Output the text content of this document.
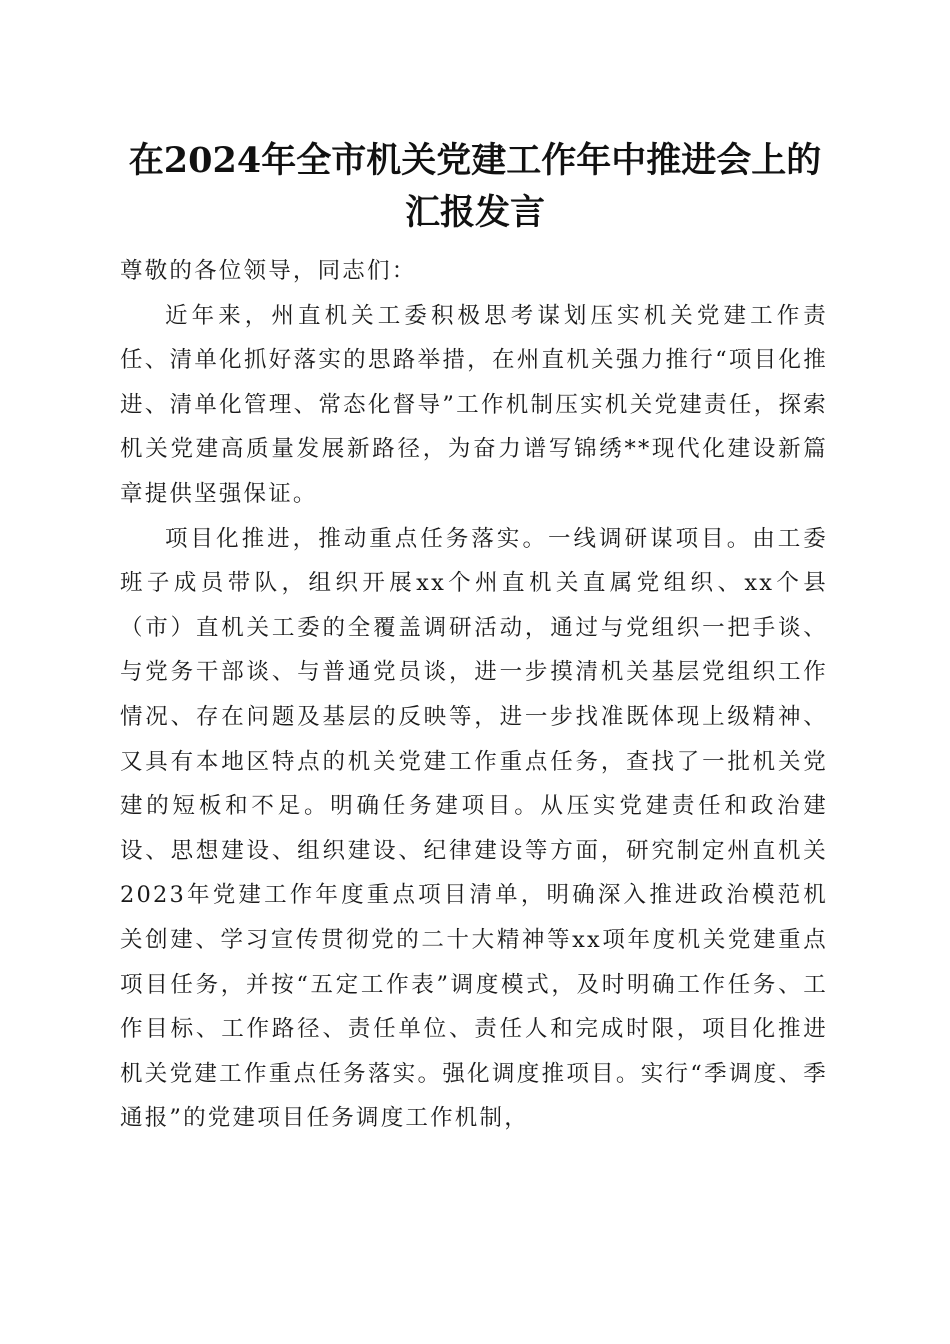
在2024年全市机关党建工作年中推进会上的
汇报发言

尊敬的各位领导，同志们：

近年来，州直机关工委积极思考谋划压实机关党建工作责任、清单化抓好落实的思路举措，在州直机关强力推行“项目化推进、清单化管理、常态化督导”工作机制压实机关党建责任，探索机关党建高质量发展新路径，为奋力谱写锦绣**现代化建设新篇章提供坚强保证。

项目化推进，推动重点任务落实。一线调研谋项目。由工委班子成员带队，组织开展xx个州直机关直属党组织、xx个县（市）直机关工委的全覆盖调研活动，通过与党组织一把手谈、与党务干部谈、与普通党员谈，进一步摸清机关基层党组织工作情况、存在问题及基层的反映等，进一步找准既体现上级精神、又具有本地区特点的机关党建工作重点任务，查找了一批机关党建的短板和不足。明确任务建项目。从压实党建责任和政治建设、思想建设、组织建设、纪律建设等方面，研究制定州直机关2023年党建工作年度重点项目清单，明确深入推进政治模范机关创建、学习宣传贯彻党的二十大精神等xx项年度机关党建重点项目任务，并按“五定工作表”调度模式，及时明确工作任务、工作目标、工作路径、责任单位、责任人和完成时限，项目化推进机关党建工作重点任务落实。强化调度推项目。实行“季调度、季通报”的党建项目任务调度工作机制，
